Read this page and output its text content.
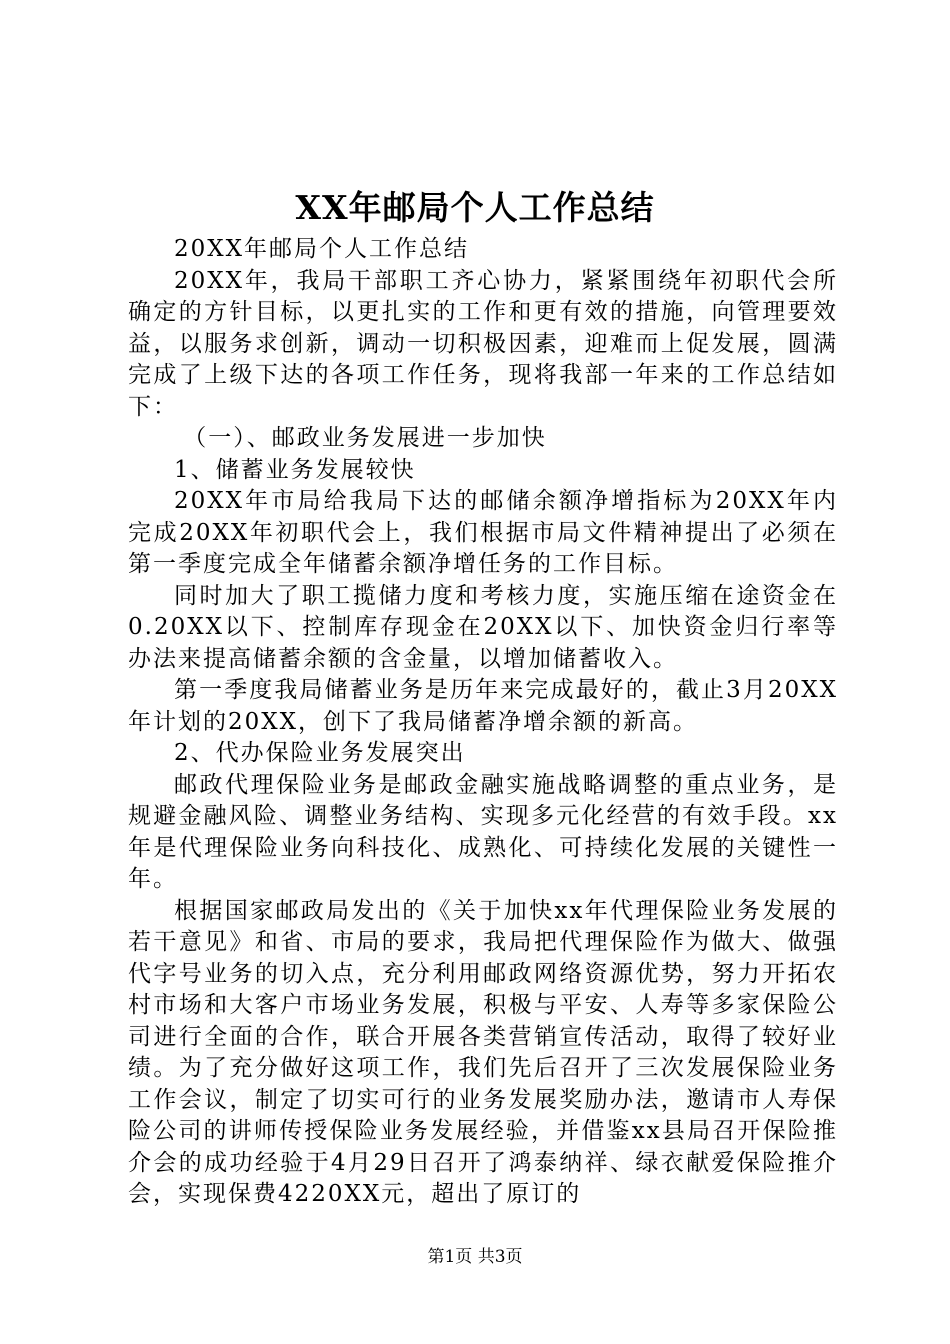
XX年邮局个人工作总结

20XX年邮局个人工作总结

20XX年，我局干部职工齐心协力，紧紧围绕年初职代会所确定的方针目标，以更扎实的工作和更有效的措施，向管理要效益，以服务求创新，调动一切积极因素，迎难而上促发展，圆满完成了上级下达的各项工作任务，现将我部一年来的工作总结如下：

（一）、邮政业务发展进一步加快

1、储蓄业务发展较快

20XX年市局给我局下达的邮储余额净增指标为20XX年内完成20XX年初职代会上，我们根据市局文件精神提出了必须在第一季度完成全年储蓄余额净增任务的工作目标。

同时加大了职工揽储力度和考核力度，实施压缩在途资金在0.20XX以下、控制库存现金在20XX以下、加快资金归行率等办法来提高储蓄余额的含金量，以增加储蓄收入。

第一季度我局储蓄业务是历年来完成最好的，截止3月20XX年计划的20XX，创下了我局储蓄净增余额的新高。

2、代办保险业务发展突出

邮政代理保险业务是邮政金融实施战略调整的重点业务，是规避金融风险、调整业务结构、实现多元化经营的有效手段。xx年是代理保险业务向科技化、成熟化、可持续化发展的关键性一年。

根据国家邮政局发出的《关于加快xx年代理保险业务发展的若干意见》和省、市局的要求，我局把代理保险作为做大、做强代字号业务的切入点，充分利用邮政网络资源优势，努力开拓农村市场和大客户市场业务发展，积极与平安、人寿等多家保险公司进行全面的合作，联合开展各类营销宣传活动，取得了较好业绩。为了充分做好这项工作，我们先后召开了三次发展保险业务工作会议，制定了切实可行的业务发展奖励办法，邀请市人寿保险公司的讲师传授保险业务发展经验，并借鉴xx县局召开保险推介会的成功经验于4月29日召开了鸿泰纳祥、绿衣献爱保险推介会，实现保费4220XX元，超出了原订的

第1页 共3页
